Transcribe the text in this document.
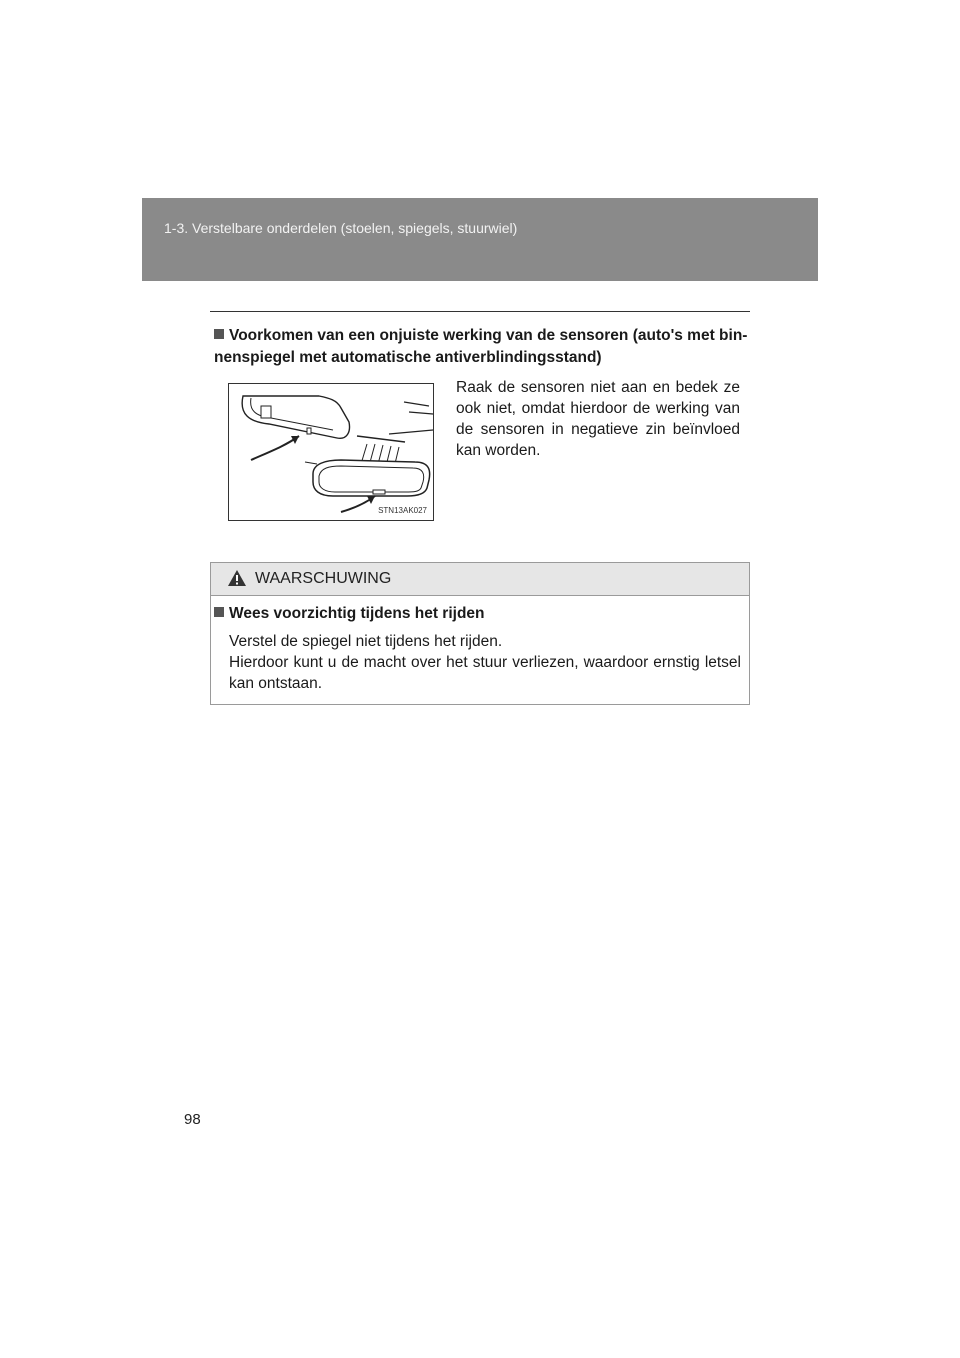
1-3. Verstelbare onderdelen (stoelen, spiegels, stuurwiel)
Voorkomen van een onjuiste werking van de sensoren (auto's met bin-nenspiegel met automatische antiverblindingsstand)
STN13AK027
Raak de sensoren niet aan en bedek ze ook niet, omdat hierdoor de werking van de sensoren in negatieve zin beïnvloed kan worden.
WAARSCHUWING
Wees voorzichtig tijdens het rijden
Verstel de spiegel niet tijdens het rijden.
Hierdoor kunt u de macht over het stuur verliezen, waardoor ernstig letsel kan ontstaan.
98
